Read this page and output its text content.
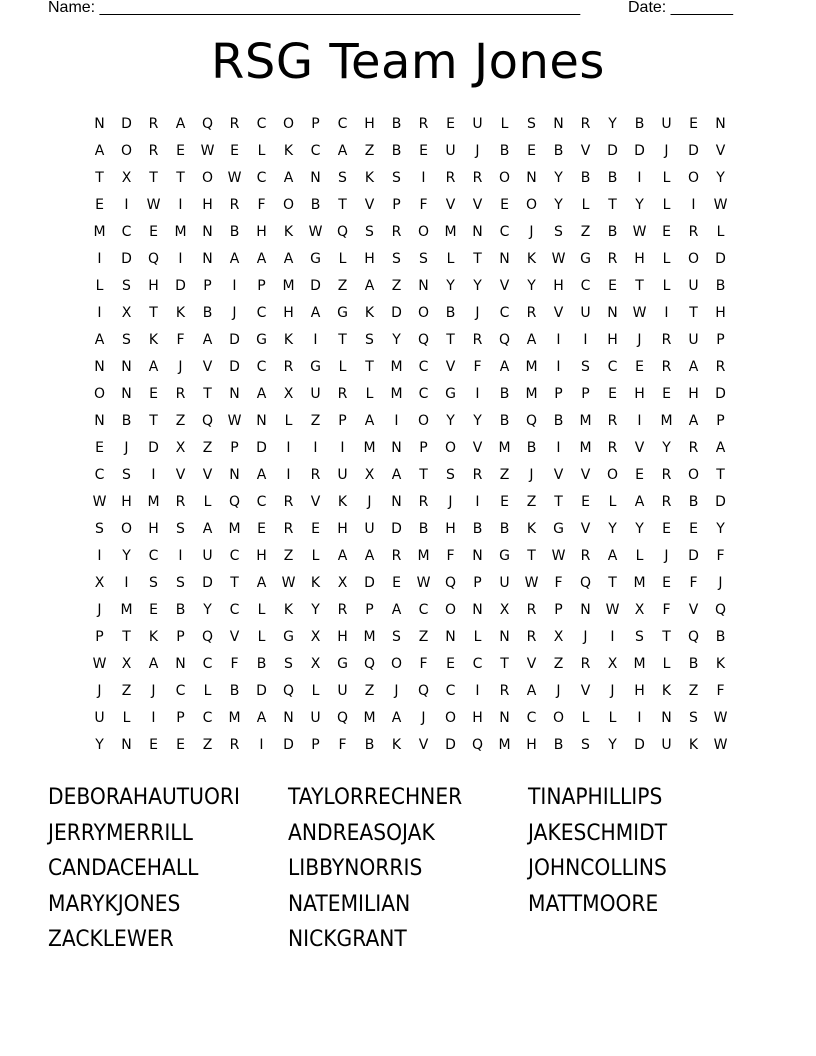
Name: ______________________________________________________	Date: _______
RSG Team Jones
N	D	R	A	Q	R	C	O	P	C	H	B	R	E	U	L	S	N	R	Y	B	U	E	N
A	O	R	E	W	E	L	K	C	A	Z	B	E	U	J	B	E	B	V	D	D	J	D	V
T	X	T	T	O	W	C	A	N	S	K	S	I	R	R	O	N	Y	B	B	I	L	O	Y
E	I	W	I	H	R	F	O	B	T	V	P	F	V	V	E	O	Y	L	T	Y	L	I	W
M	C	E	M	N	B	H	K	W	Q	S	R	O	M	N	C	J	S	Z	B	W	E	R	L
I	D	Q	I	N	A	A	A	G	L	H	S	S	L	T	N	K	W	G	R	H	L	O	D
L	S	H	D	P	I	P	M	D	Z	A	Z	N	Y	Y	V	Y	H	C	E	T	L	U	B
I	X	T	K	B	J	C	H	A	G	K	D	O	B	J	C	R	V	U	N	W	I	T	H
A	S	K	F	A	D	G	K	I	T	S	Y	Q	T	R	Q	A	I	I	H	J	R	U	P
N	N	A	J	V	D	C	R	G	L	T	M	C	V	F	A	M	I	S	C	E	R	A	R
O	N	E	R	T	N	A	X	U	R	L	M	C	G	I	B	M	P	P	E	H	E	H	D
N	B	T	Z	Q	W	N	L	Z	P	A	I	O	Y	Y	B	Q	B	M	R	I	M	A	P
E	J	D	X	Z	P	D	I	I	I	M	N	P	O	V	M	B	I	M	R	V	Y	R	A
C	S	I	V	V	N	A	I	R	U	X	A	T	S	R	Z	J	V	V	O	E	R	O	T
W	H	M	R	L	Q	C	R	V	K	J	N	R	J	I	E	Z	T	E	L	A	R	B	D
S	O	H	S	A	M	E	R	E	H	U	D	B	H	B	B	K	G	V	Y	Y	E	E	Y
I	Y	C	I	U	C	H	Z	L	A	A	R	M	F	N	G	T	W	R	A	L	J	D	F
X	I	S	S	D	T	A	W	K	X	D	E	W	Q	P	U	W	F	Q	T	M	E	F	J
J	M	E	B	Y	C	L	K	Y	R	P	A	C	O	N	X	R	P	N	W	X	F	V	Q
P	T	K	P	Q	V	L	G	X	H	M	S	Z	N	L	N	R	X	J	I	S	T	Q	B
W	X	A	N	C	F	B	S	X	G	Q	O	F	E	C	T	V	Z	R	X	M	L	B	K
J	Z	J	C	L	B	D	Q	L	U	Z	J	Q	C	I	R	A	J	V	J	H	K	Z	F
U	L	I	P	C	M	A	N	U	Q	M	A	J	O	H	N	C	O	L	L	I	N	S	W
Y	N	E	E	Z	R	I	D	P	F	B	K	V	D	Q	M	H	B	S	Y	D	U	K	W
DEBORAHAUTUORI
JERRYMERRILL
CANDACEHALL
MARYKJONES
ZACKLEWER
TAYLORRECHNER
ANDREASOJAK
LIBBYNORRIS
NATEMILIAN
NICKGRANT
TINAPHILLIPS
JAKESCHMIDT
JOHNCOLLINS
MATTMOORE
